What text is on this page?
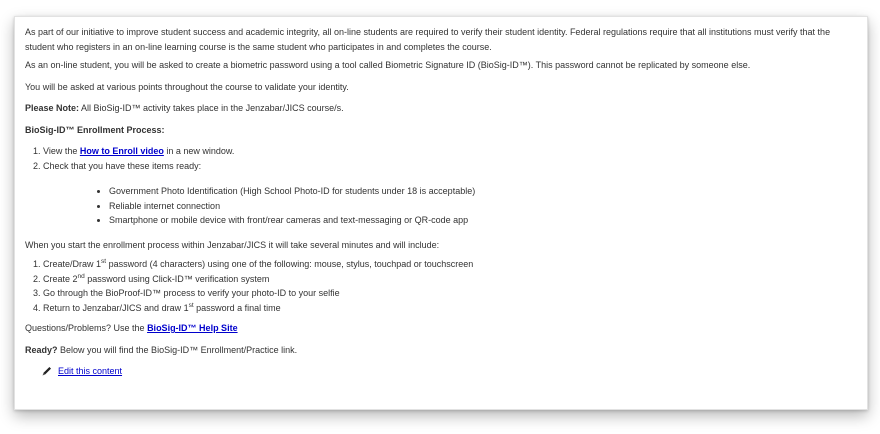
As part of our initiative to improve student success and academic integrity, all on-line students are required to verify their student identity. Federal regulations require that all institutions must verify that the student who registers in an on-line learning course is the same student who participates in and completes the course.

As an on-line student, you will be asked to create a biometric password using a tool called Biometric Signature ID (BioSig-ID™). This password cannot be replicated by someone else.

You will be asked at various points throughout the course to validate your identity.

Please Note: All BioSig-ID™ activity takes place in the Jenzabar/JICS course/s.

BioSig-ID™ Enrollment Process:

1. View the How to Enroll video in a new window.
2. Check that you have these items ready:
• Government Photo Identification (High School Photo-ID for students under 18 is acceptable)
• Reliable internet connection
• Smartphone or mobile device with front/rear cameras and text-messaging or QR-code app

When you start the enrollment process within Jenzabar/JICS it will take several minutes and will include:

1. Create/Draw 1st password (4 characters) using one of the following: mouse, stylus, touchpad or touchscreen
2. Create 2nd password using Click-ID™ verification system
3. Go through the BioProof-ID™ process to verify your photo-ID to your selfie
4. Return to Jenzabar/JICS and draw 1st password a final time

Questions/Problems? Use the BioSig-ID™ Help Site

Ready? Below you will find the BioSig-ID™ Enrollment/Practice link.

Edit this content
